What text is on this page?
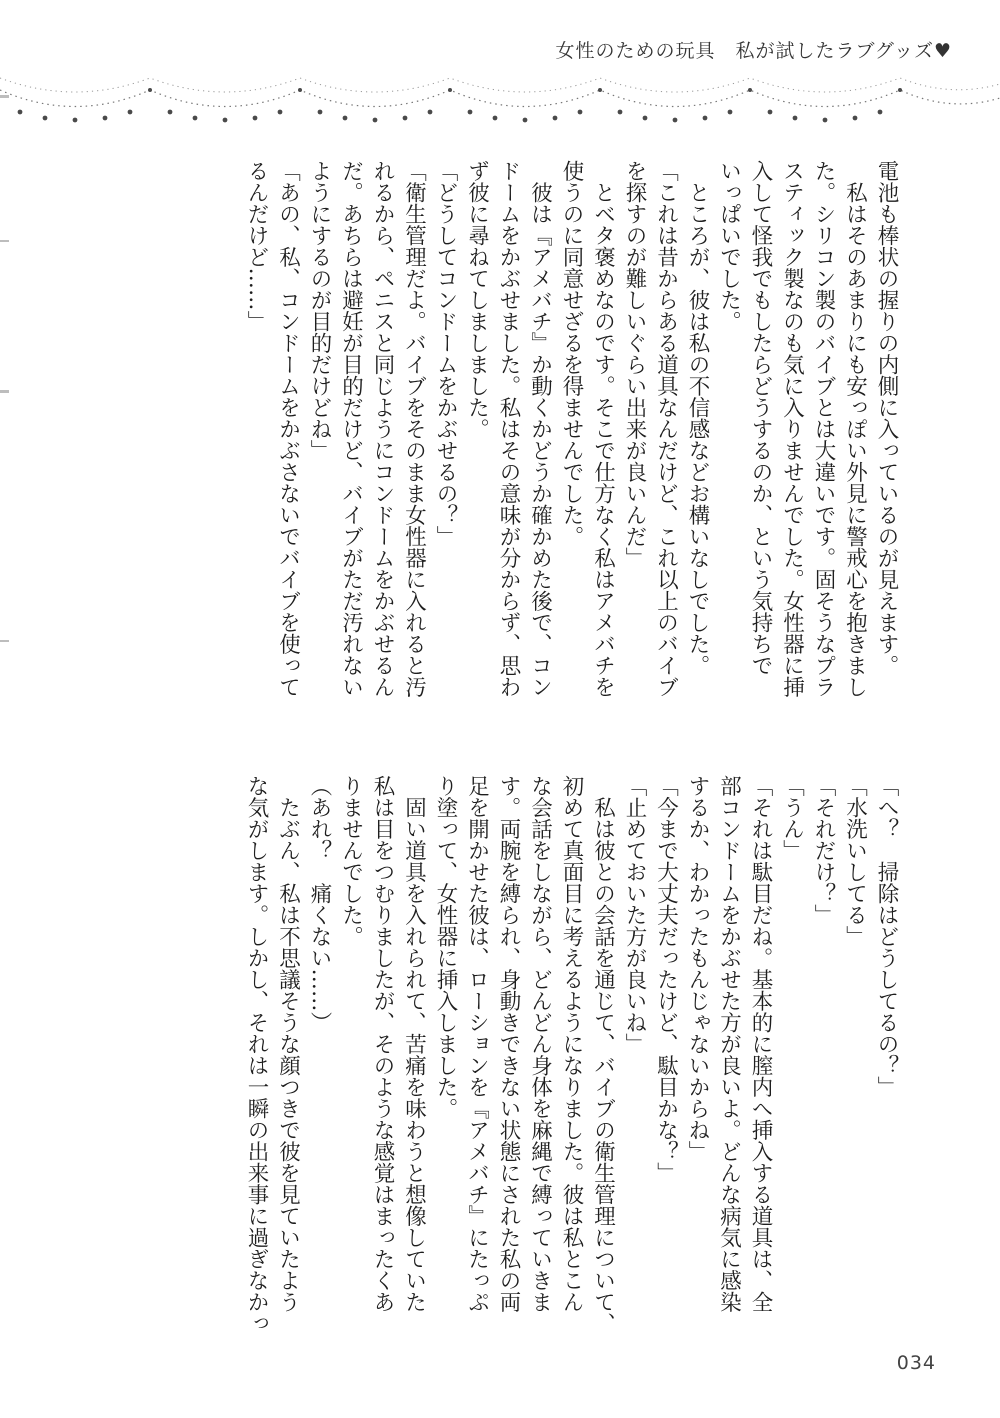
女性のための玩具　私が試したラブグッズ♥

電池も棒状の握りの内側に入っているのが見えます。

　私はそのあまりにも安っぽい外見に警戒心を抱きまし

た。シリコン製のバイブとは大違いです。固そうなプラ

スティック製なのも気に入りませんでした。女性器に挿

入して怪我でもしたらどうするのか、という気持ちで

いっぱいでした。

　ところが、彼は私の不信感などお構いなしでした。

「これは昔からある道具なんだけど、これ以上のバイブ

を探すのが難しいぐらい出来が良いんだ」

　とベタ褒めなのです。そこで仕方なく私はアメバチを

使うのに同意せざるを得ませんでした。

　彼は『アメバチ』か動くかどうか確かめた後で、コン

ドームをかぶせました。私はその意味が分からず、思わ

ず彼に尋ねてしましました。

「どうしてコンドームをかぶせるの？」

「衛生管理だよ。バイブをそのまま女性器に入れると汚

れるから、ペニスと同じようにコンドームをかぶせるん

だ。あちらは避妊が目的だけど、バイブがただ汚れない

ようにするのが目的だけどね」

「あの、私、コンドームをかぶさないでバイブを使って

るんだけど……」

「へ？　掃除はどうしてるの？」

「水洗いしてる」

「それだけ？」

「うん」

「それは駄目だね。基本的に膣内へ挿入する道具は、全

部コンドームをかぶせた方が良いよ。どんな病気に感染

するか、わかったもんじゃないからね」

「今まで大丈夫だったけど、駄目かな？」

「止めておいた方が良いね」

　私は彼との会話を通じて、バイブの衛生管理について、

初めて真面目に考えるようになりました。彼は私とこん

な会話をしながら、どんどん身体を麻縄で縛っていきま

す。両腕を縛られ、身動きできない状態にされた私の両

足を開かせた彼は、ローションを『アメバチ』にたっぷ

り塗って、女性器に挿入しました。

　固い道具を入れられて、苦痛を味わうと想像していた

私は目をつむりましたが、そのような感覚はまったくあ

りませんでした。

（あれ？　痛くない……）

　たぶん、私は不思議そうな顔つきで彼を見ていたよう

な気がします。しかし、それは一瞬の出来事に過ぎなかっ

034
